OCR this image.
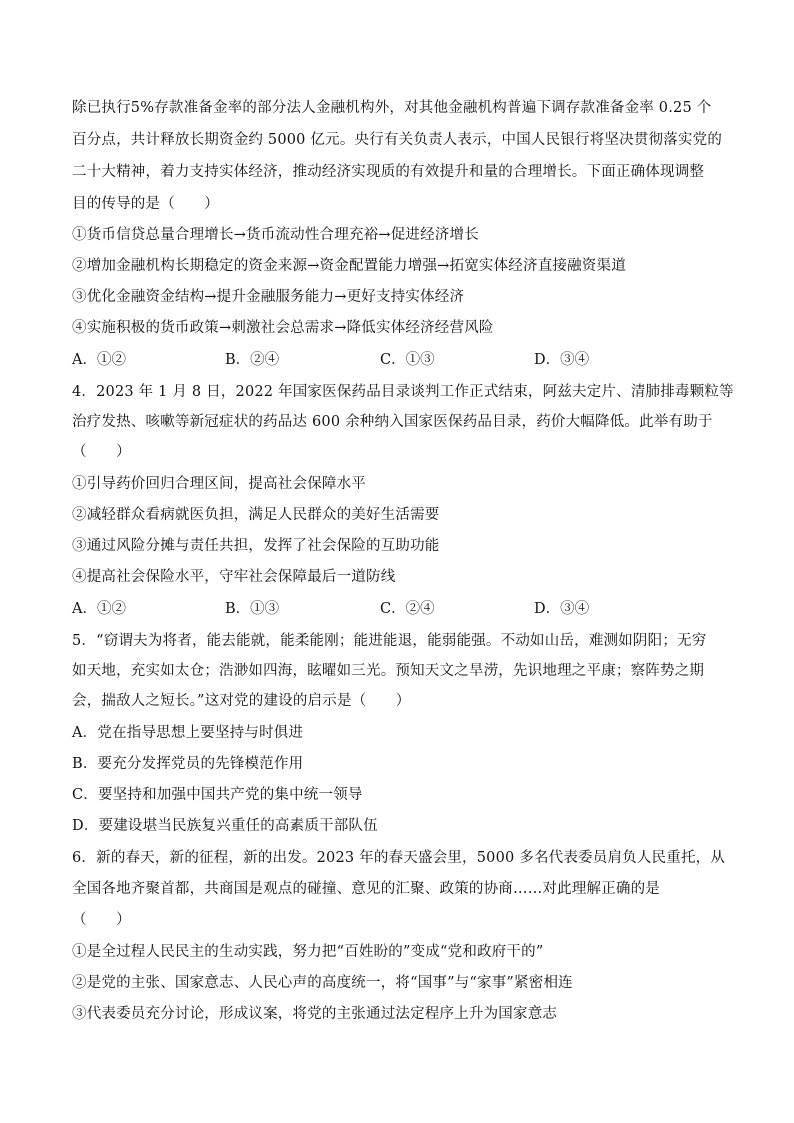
除已执行5%存款准备金率的部分法人金融机构外，对其他金融机构普遍下调存款准备金率 0.25 个
百分点，共计释放长期资金约 5000 亿元。央行有关负责人表示，中国人民银行将坚决贯彻落实党的
二十大精神，着力支持实体经济，推动经济实现质的有效提升和量的合理增长。下面正确体现调整
目的传导的是（　　）
①货币信贷总量合理增长→货币流动性合理充裕→促进经济增长
②增加金融机构长期稳定的资金来源→资金配置能力增强→拓宽实体经济直接融资渠道
③优化金融资金结构→提升金融服务能力→更好支持实体经济
④实施积极的货币政策→刺激社会总需求→降低实体经济经营风险
A．①②	B．②④	C．①③	D．③④
4．2023 年 1 月 8 日，2022 年国家医保药品目录谈判工作正式结束，阿兹夫定片、清肺排毒颗粒等
治疗发热、咳嗽等新冠症状的药品达 600 余种纳入国家医保药品目录，药价大幅降低。此举有助于
（　　）
①引导药价回归合理区间，提高社会保障水平
②减轻群众看病就医负担，满足人民群众的美好生活需要
③通过风险分摊与责任共担，发挥了社会保险的互助功能
④提高社会保险水平，守牢社会保障最后一道防线
A．①②	B．①③	C．②④	D．③④
5．“窃谓夫为将者，能去能就，能柔能刚；能进能退，能弱能强。不动如山岳，难测如阴阳；无穷
如天地，充实如太仓；浩渺如四海，眩曜如三光。预知天文之旱涝，先识地理之平康；察阵势之期
会，揣敌人之短长。”这对党的建设的启示是（　　）
A．党在指导思想上要坚持与时俱进
B．要充分发挥党员的先锋模范作用
C．要坚持和加强中国共产党的集中统一领导
D．要建设堪当民族复兴重任的高素质干部队伍
6．新的春天，新的征程，新的出发。2023 年的春天盛会里，5000 多名代表委员肩负人民重托，从
全国各地齐聚首都，共商国是观点的碰撞、意见的汇聚、政策的协商……对此理解正确的是
（　　）
①是全过程人民民主的生动实践，努力把“百姓盼的”变成“党和政府干的”
②是党的主张、国家意志、人民心声的高度统一，将“国事”与“家事”紧密相连
③代表委员充分讨论，形成议案，将党的主张通过法定程序上升为国家意志
